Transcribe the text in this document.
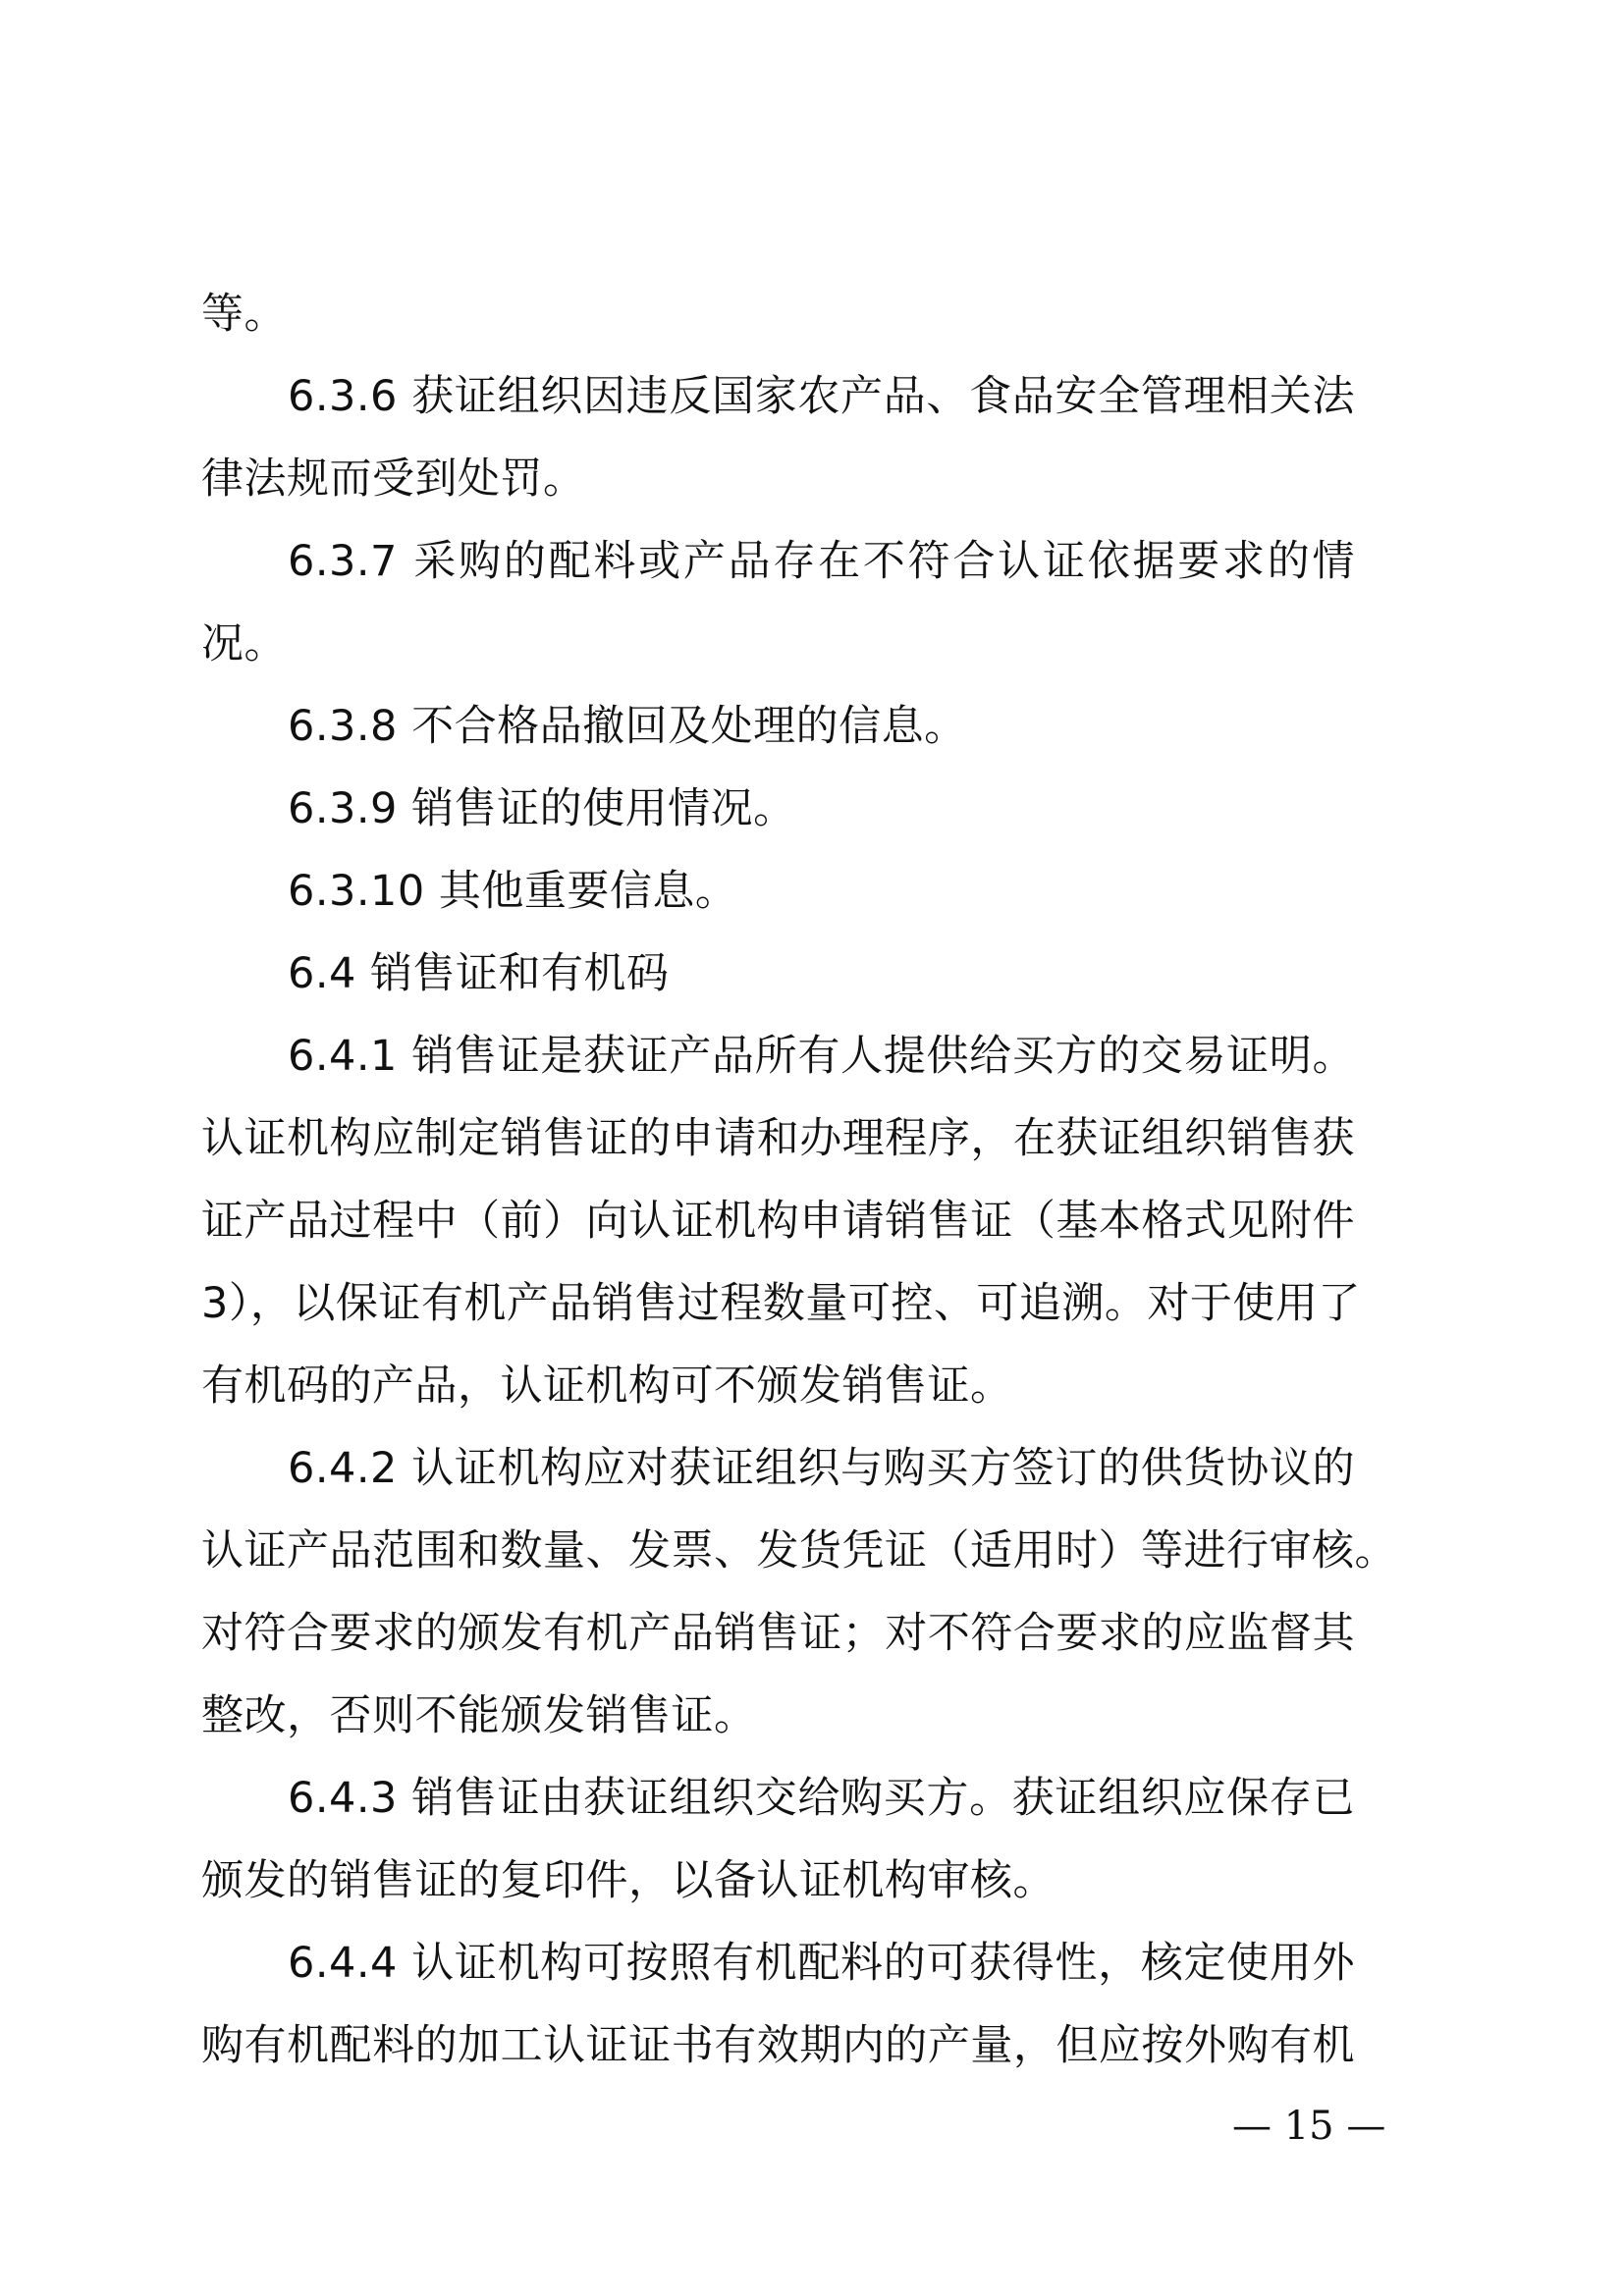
等。
6.3.6 获证组织因违反国家农产品、食品安全管理相关法
律法规而受到处罚。
6.3.7 采购的配料或产品存在不符合认证依据要求的情
况。
6.3.8 不合格品撤回及处理的信息。
6.3.9 销售证的使用情况。
6.3.10 其他重要信息。
6.4 销售证和有机码
6.4.1 销售证是获证产品所有人提供给买方的交易证明。
认证机构应制定销售证的申请和办理程序，在获证组织销售获
证产品过程中（前）向认证机构申请销售证（基本格式见附件
3），以保证有机产品销售过程数量可控、可追溯。对于使用了
有机码的产品，认证机构可不颁发销售证。
6.4.2 认证机构应对获证组织与购买方签订的供货协议的
认证产品范围和数量、发票、发货凭证（适用时）等进行审核。
对符合要求的颁发有机产品销售证；对不符合要求的应监督其
整改，否则不能颁发销售证。
6.4.3 销售证由获证组织交给购买方。获证组织应保存已
颁发的销售证的复印件，以备认证机构审核。
6.4.4 认证机构可按照有机配料的可获得性，核定使用外
购有机配料的加工认证证书有效期内的产量，但应按外购有机
— 15 —
